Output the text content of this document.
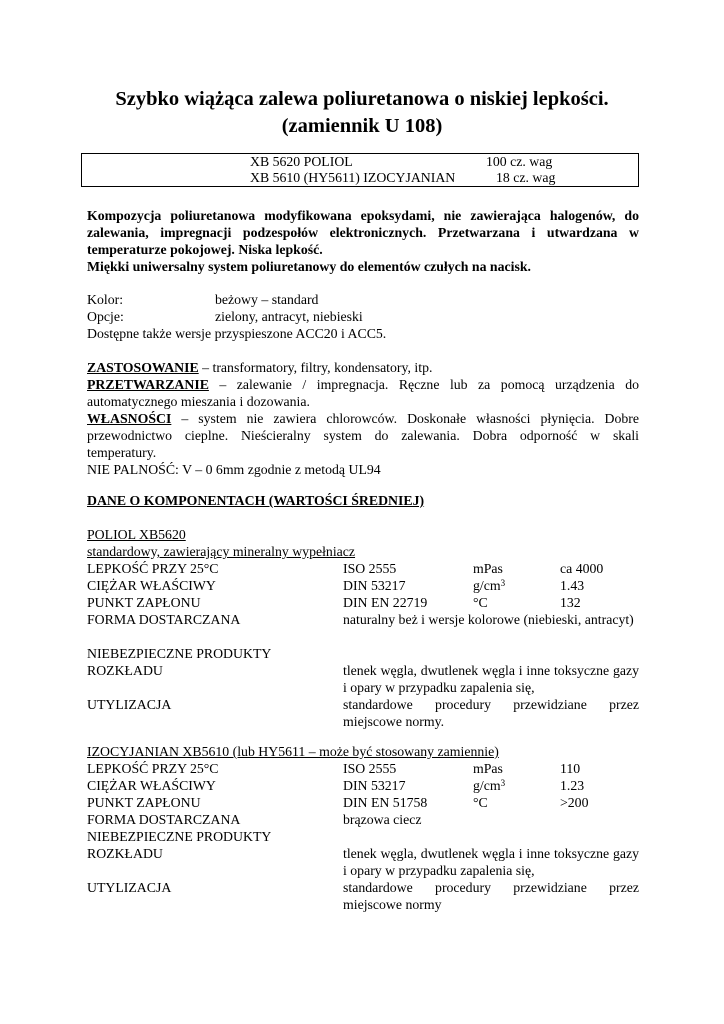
Szybko wiążąca zalewa poliuretanowa o niskiej lepkości.
(zamiennik U 108)
XB 5620 POLIOL	100 cz. wag
XB 5610 (HY5611) IZOCYJANIAN	18 cz. wag
Kompozycja poliuretanowa modyfikowana epoksydami, nie zawierająca halogenów, do
zalewania, impregnacji podzespołów elektronicznych. Przetwarzana i utwardzana w
temperaturze pokojowej. Niska lepkość.
Miękki uniwersalny system poliuretanowy do elementów czułych na nacisk.
Kolor:	beżowy – standard
Opcje:	zielony, antracyt, niebieski
Dostępne także wersje przyspieszone ACC20 i ACC5.
ZASTOSOWANIE – transformatory, filtry, kondensatory, itp.
PRZETWARZANIE – zalewanie / impregnacja. Ręczne lub za pomocą urządzenia do
automatycznego mieszania i dozowania.
WŁASNOŚCI – system nie zawiera chlorowców. Doskonałe własności płynięcia. Dobre
przewodnictwo cieplne. Nieścieralny system do zalewania. Dobra odporność w skali
temperatury.
NIE PALNOŚĆ: V – 0 6mm zgodnie z metodą UL94
DANE O KOMPONENTACH (WARTOŚCI ŚREDNIEJ)
POLIOL XB5620
standardowy, zawierający mineralny wypełniacz
LEPKOŚĆ PRZY 25°C	ISO 2555	mPas	ca 4000
CIĘŻAR WŁAŚCIWY	DIN 53217	$g/cm^3$	1.43
PUNKT ZAPŁONU	DIN EN 22719	°C	132
FORMA DOSTARCZANA	naturalny beż i wersje kolorowe (niebieski, antracyt)
NIEBEZPIECZNE PRODUKTY
ROZKŁADU	tlenek węgla, dwutlenek węgla i inne toksyczne gazy i opary w przypadku zapalenia się,
UTYLIZACJA	standardowe procedury przewidziane przez miejscowe normy.
IZOCYJANIAN XB5610 (lub HY5611 – może być stosowany zamiennie)
LEPKOŚĆ PRZY 25°C	ISO 2555	mPas	110
CIĘŻAR WŁAŚCIWY	DIN 53217	$g/cm^3$	1.23
PUNKT ZAPŁONU	DIN EN 51758	°C	>200
FORMA DOSTARCZANA	brązowa ciecz
NIEBEZPIECZNE PRODUKTY
ROZKŁADU	tlenek węgla, dwutlenek węgla i inne toksyczne gazy i opary w przypadku zapalenia się,
UTYLIZACJA	standardowe procedury przewidziane przez miejscowe normy
